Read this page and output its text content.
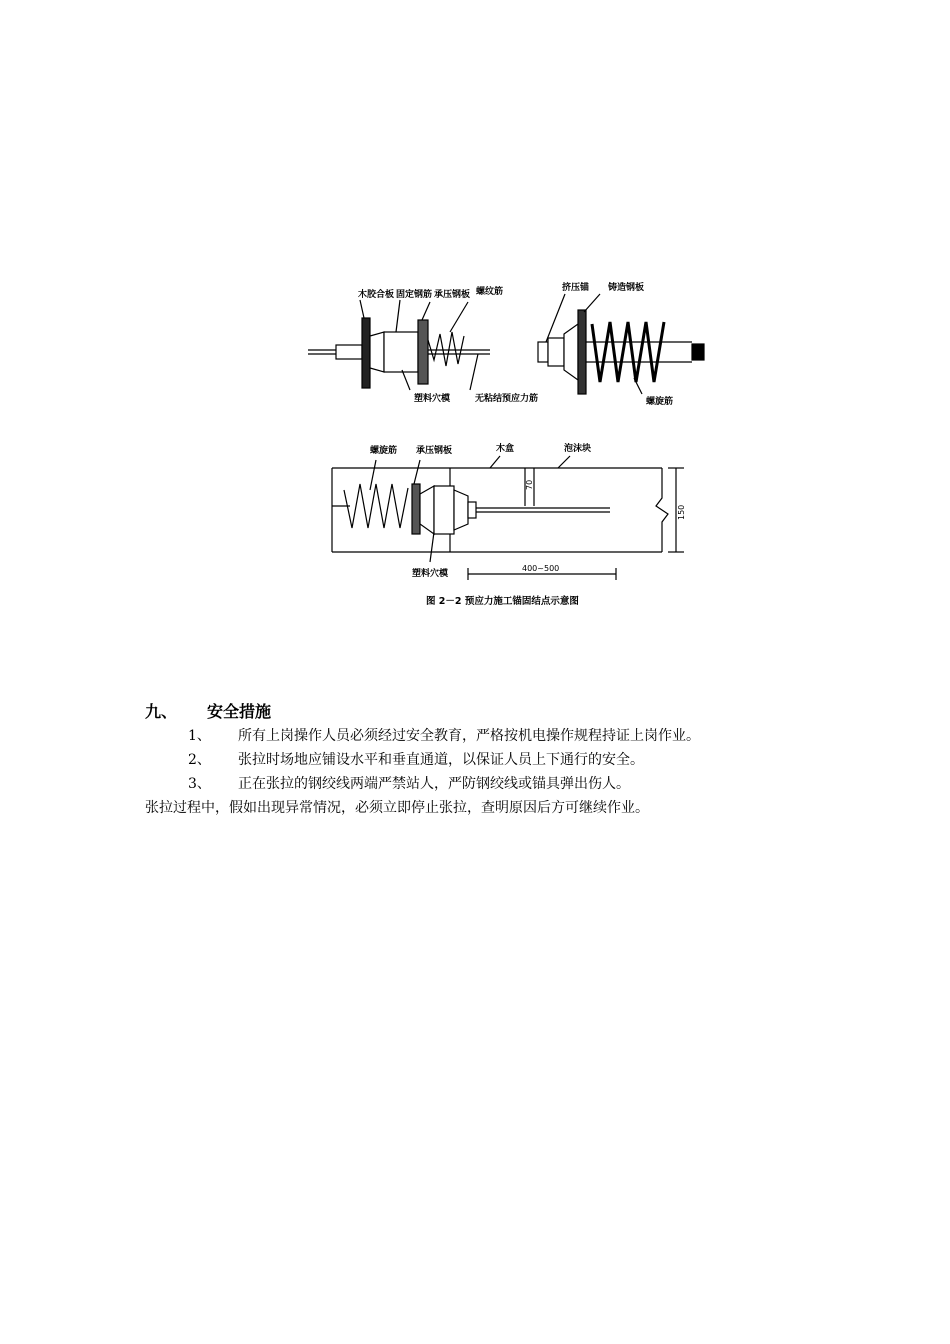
木胶合板 固定钢筋 承压钢板 螺纹筋
塑料穴模	无粘结预应力筋
挤压锚 铸造钢板
螺旋筋
螺旋筋 承压钢板	木盒	泡沫块
70
150
塑料穴模
400~500
图 2－2 预应力施工锚固结点示意图
九、 安全措施
1、 所有上岗操作人员必须经过安全教育，严格按机电操作规程持证上岗作业。
2、 张拉时场地应铺设水平和垂直通道，以保证人员上下通行的安全。
3、 正在张拉的钢绞线两端严禁站人，严防钢绞线或锚具弹出伤人。
张拉过程中，假如出现异常情况，必须立即停止张拉，查明原因后方可继续作业。
